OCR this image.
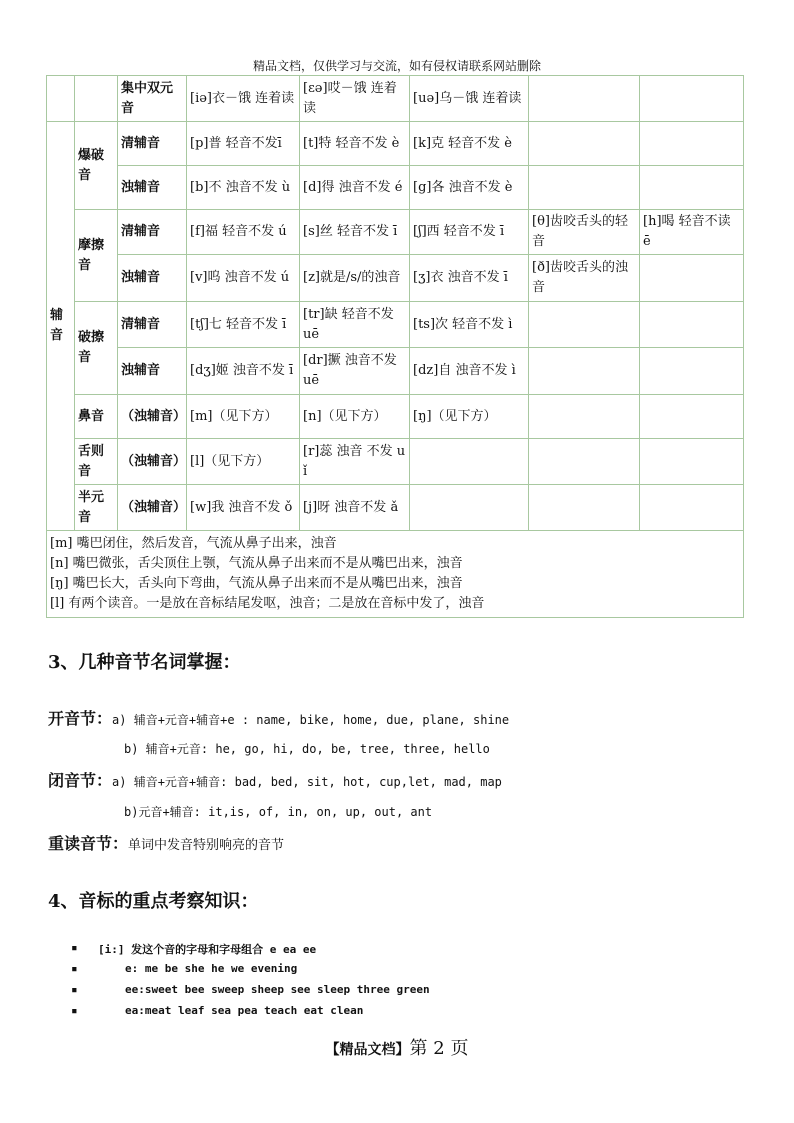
精品文档，仅供学习与交流，如有侵权请联系网站删除
		集中双元音	[iə]衣－饿 连着读	[ɛə]哎－饿 连着读	[uə]乌－饿 连着读		
辅音	爆破音	清辅音	[p]普 轻音不发ī	[t]特 轻音不发 è	[k]克 轻音不发 è		
		浊辅音	[b]不 浊音不发 ù	[d]得 浊音不发 é	[g]各 浊音不发 è		
	摩擦音	清辅音	[f]福 轻音不发 ú	[s]丝 轻音不发 ī	[ʃ]西 轻音不发 ī	[θ]齿咬舌头的轻音	[h]喝 轻音不读 ē
		浊辅音	[v]呜 浊音不发 ú	[z]就是/s/的浊音	[ʒ]衣 浊音不发 ī	[ð]齿咬舌头的浊音	
	破擦音	清辅音	[tʃ]七 轻音不发 ī	[tr]缺 轻音不发 uē	[ts]次 轻音不发 ì		
		浊辅音	[dʒ]姬 浊音不发 ī	[dr]撅 浊音不发 uē	[dz]自 浊音不发 ì		
	鼻音	（浊辅音）	[m]（见下方）	[n]（见下方）	[ŋ]（见下方）		
	舌则音	（浊辅音）	[l]（见下方）	[r]蕊 浊音 不发 uǐ			
	半元音	（浊辅音）	[w]我 浊音不发 ǒ	[j]呀 浊音不发 ǎ			

[m] 嘴巴闭住，然后发音，气流从鼻子出来，浊音
[n] 嘴巴微张，舌尖顶住上颚，气流从鼻子出来而不是从嘴巴出来，浊音
[ŋ] 嘴巴长大，舌头向下弯曲，气流从鼻子出来而不是从嘴巴出来，浊音
[l] 有两个读音。一是放在音标结尾发呕，浊音；二是放在音标中发了，浊音							
3、几种音节名词掌握：
开音节：a) 辅音+元音+辅音+e : name, bike, home, due, plane, shine
b) 辅音+元音: he, go, hi, do, be, tree, three, hello
闭音节：a) 辅音+元音+辅音: bad, bed, sit, hot, cup,let, mad, map
b)元音+辅音: it,is, of, in, on, up, out, ant
重读音节：单词中发音特别响亮的音节
4、音标的重点考察知识：
▪ [i:] 发这个音的字母和字母组合 e ea ee
▪	e: me be she he we evening
▪	ee:sweet bee sweep sheep see sleep three green
▪	ea:meat leaf sea pea teach eat clean
【精品文档】第 2 页
